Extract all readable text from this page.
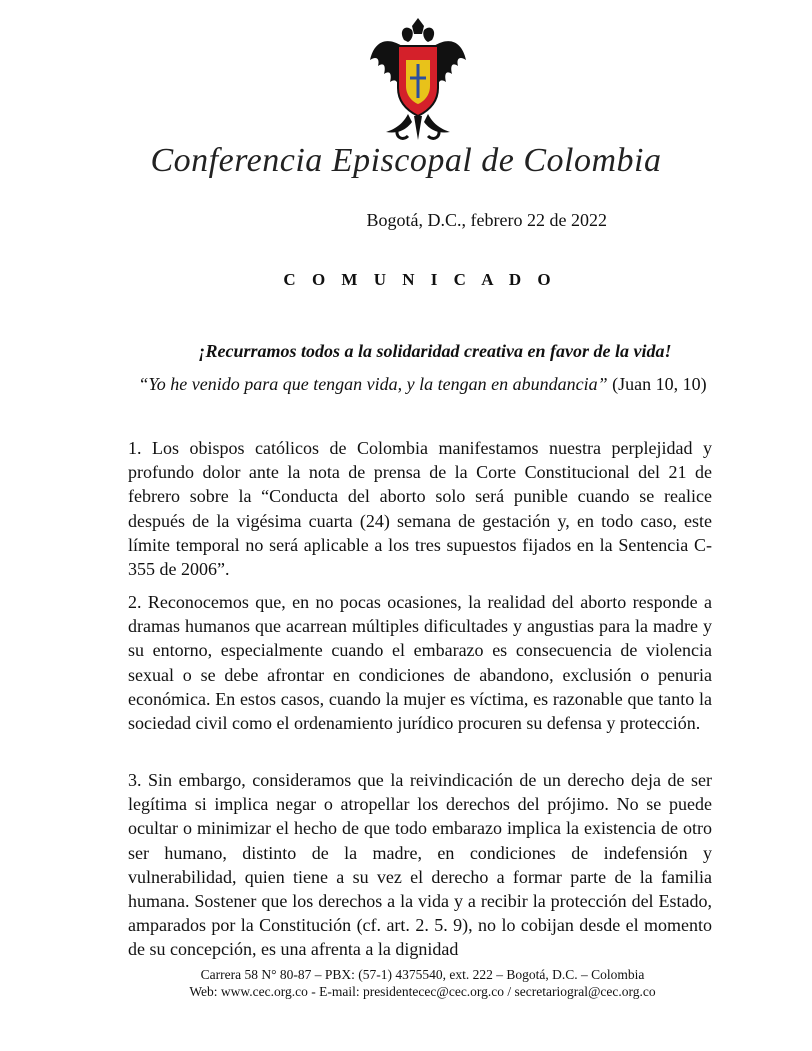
Conferencia Episcopal de Colombia
Bogotá, D.C., febrero 22 de 2022
C O M U N I C A D O
¡Recurramos todos a la solidaridad creativa en favor de la vida!
“Yo he venido para que tengan vida, y la tengan en abundancia” (Juan 10, 10)

1. Los obispos católicos de Colombia manifestamos nuestra perplejidad y profundo dolor ante la nota de prensa de la Corte Constitucional del 21 de febrero sobre la “Conducta del aborto solo será punible cuando se realice después de la vigésima cuarta (24) semana de gestación y, en todo caso, este límite temporal no será aplicable a los tres supuestos fijados en la Sentencia C-355 de 2006”.

2. Reconocemos que, en no pocas ocasiones, la realidad del aborto responde a dramas humanos que acarrean múltiples dificultades y angustias para la madre y su entorno, especialmente cuando el embarazo es consecuencia de violencia sexual o se debe afrontar en condiciones de abandono, exclusión o penuria económica. En estos casos, cuando la mujer es víctima, es razonable que tanto la sociedad civil como el ordenamiento jurídico procuren su defensa y protección.

3. Sin embargo, consideramos que la reivindicación de un derecho deja de ser legítima si implica negar o atropellar los derechos del prójimo. No se puede ocultar o minimizar el hecho de que todo embarazo implica la existencia de otro ser humano, distinto de la madre, en condiciones de indefensión y vulnerabilidad, quien tiene a su vez el derecho a formar parte de la familia humana. Sostener que los derechos a la vida y a recibir la protección del Estado, amparados por la Constitución (cf. art. 2. 5. 9), no lo cobijan desde el momento de su concepción, es una afrenta a la dignidad

Carrera 58 N° 80-87 – PBX: (57-1) 4375540, ext. 222 – Bogotá, D.C. – Colombia
Web: www.cec.org.co - E-mail: presidentecec@cec.org.co / secretariogral@cec.org.co
